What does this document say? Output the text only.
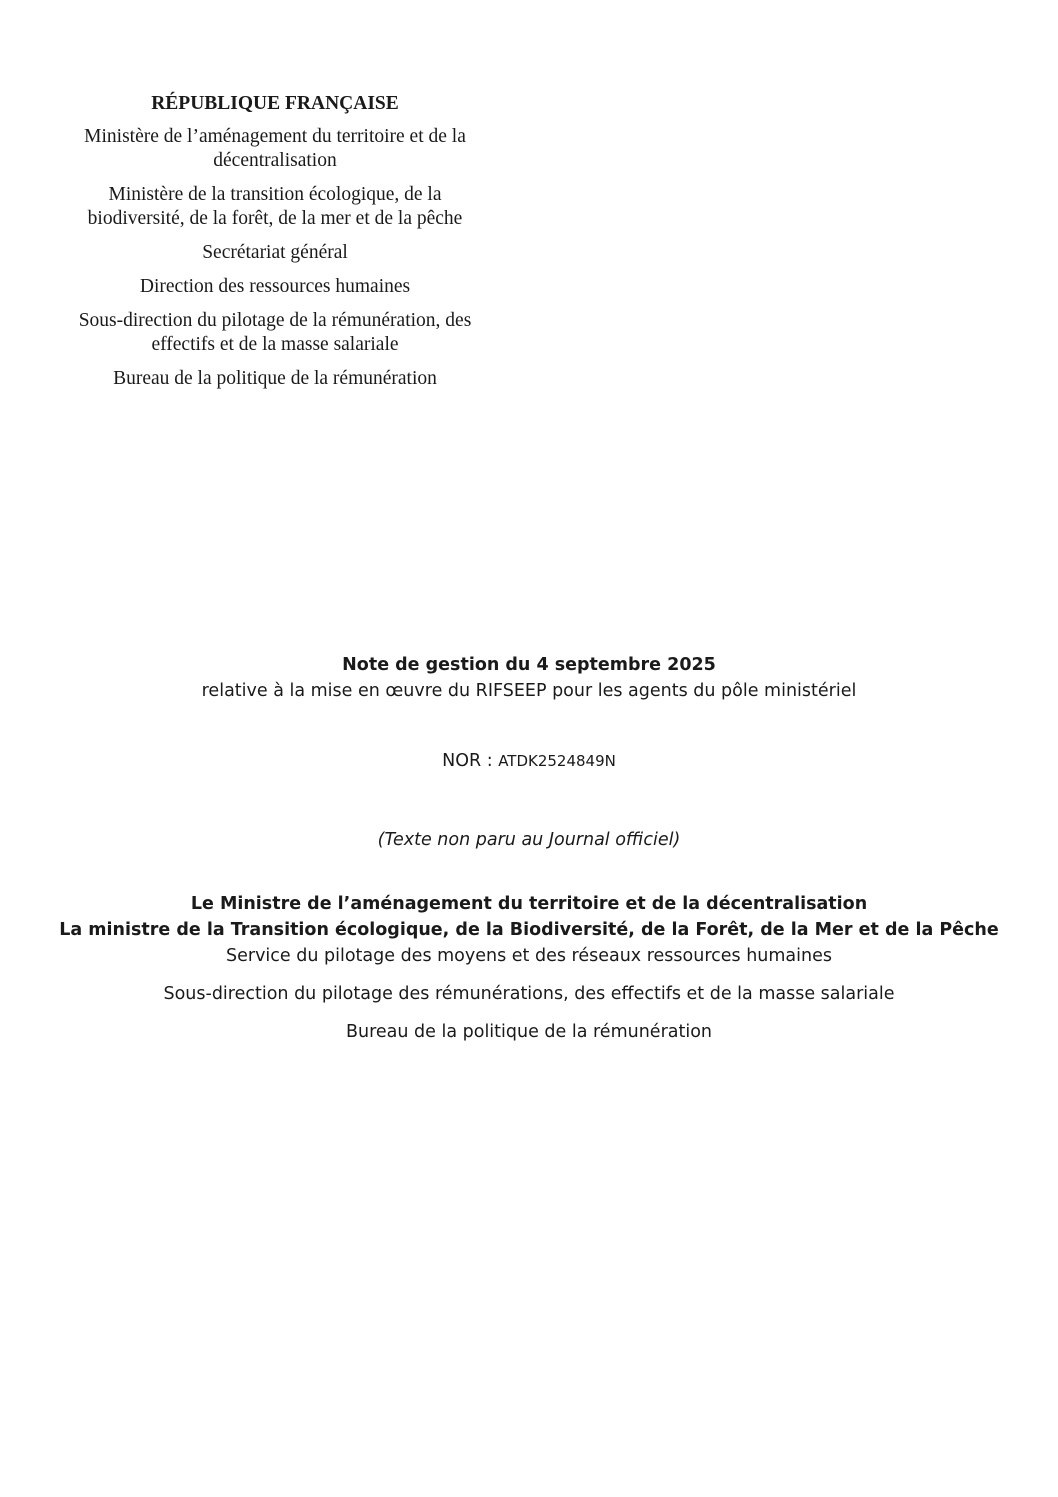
RÉPUBLIQUE FRANÇAISE
Ministère de l’aménagement du territoire et de la décentralisation
Ministère de la transition écologique, de la biodiversité, de la forêt, de la mer et de la pêche
Secrétariat général
Direction des ressources humaines
Sous-direction du pilotage de la rémunération, des effectifs et de la masse salariale
Bureau de la politique de la rémunération
Note de gestion du 4 septembre 2025
relative à la mise en œuvre du RIFSEEP pour les agents du pôle ministériel
NOR : ATDK2524849N
(Texte non paru au Journal officiel)
Le Ministre de l’aménagement du territoire et de la décentralisation
La ministre de la Transition écologique, de la Biodiversité, de la Forêt, de la Mer et de la Pêche
Service du pilotage des moyens et des réseaux ressources humaines
Sous-direction du pilotage des rémunérations, des effectifs et de la masse salariale
Bureau de la politique de la rémunération
